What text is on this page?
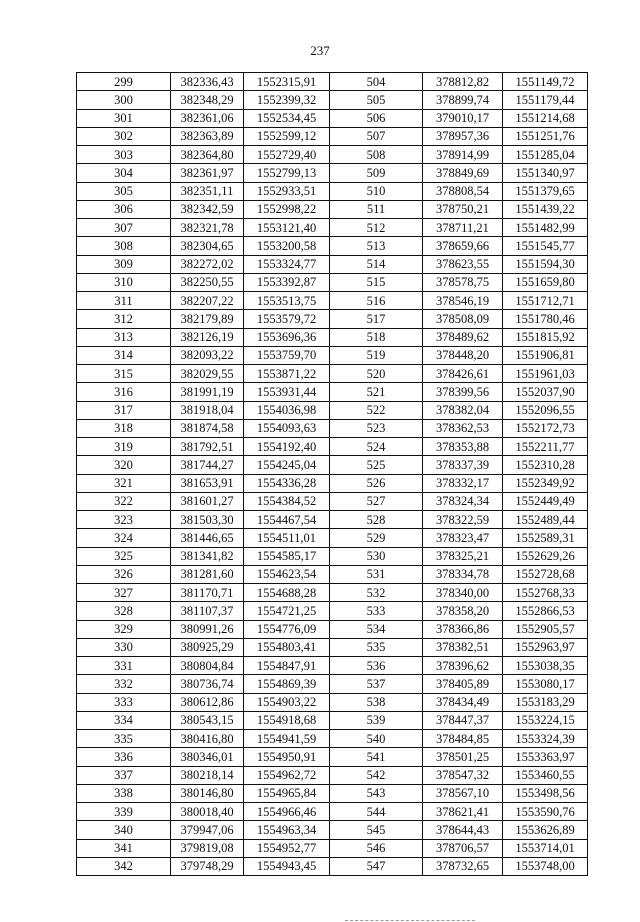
237
299	382336,43	1552315,91	504	378812,82	1551149,72
300	382348,29	1552399,32	505	378899,74	1551179,44
301	382361,06	1552534,45	506	379010,17	1551214,68
302	382363,89	1552599,12	507	378957,36	1551251,76
303	382364,80	1552729,40	508	378914,99	1551285,04
304	382361,97	1552799,13	509	378849,69	1551340,97
305	382351,11	1552933,51	510	378808,54	1551379,65
306	382342,59	1552998,22	511	378750,21	1551439,22
307	382321,78	1553121,40	512	378711,21	1551482,99
308	382304,65	1553200,58	513	378659,66	1551545,77
309	382272,02	1553324,77	514	378623,55	1551594,30
310	382250,55	1553392,87	515	378578,75	1551659,80
311	382207,22	1553513,75	516	378546,19	1551712,71
312	382179,89	1553579,72	517	378508,09	1551780,46
313	382126,19	1553696,36	518	378489,62	1551815,92
314	382093,22	1553759,70	519	378448,20	1551906,81
315	382029,55	1553871,22	520	378426,61	1551961,03
316	381991,19	1553931,44	521	378399,56	1552037,90
317	381918,04	1554036,98	522	378382,04	1552096,55
318	381874,58	1554093,63	523	378362,53	1552172,73
319	381792,51	1554192,40	524	378353,88	1552211,77
320	381744,27	1554245,04	525	378337,39	1552310,28
321	381653,91	1554336,28	526	378332,17	1552349,92
322	381601,27	1554384,52	527	378324,34	1552449,49
323	381503,30	1554467,54	528	378322,59	1552489,44
324	381446,65	1554511,01	529	378323,47	1552589,31
325	381341,82	1554585,17	530	378325,21	1552629,26
326	381281,60	1554623,54	531	378334,78	1552728,68
327	381170,71	1554688,28	532	378340,00	1552768,33
328	381107,37	1554721,25	533	378358,20	1552866,53
329	380991,26	1554776,09	534	378366,86	1552905,57
330	380925,29	1554803,41	535	378382,51	1552963,97
331	380804,84	1554847,91	536	378396,62	1553038,35
332	380736,74	1554869,39	537	378405,89	1553080,17
333	380612,86	1554903,22	538	378434,49	1553183,29
334	380543,15	1554918,68	539	378447,37	1553224,15
335	380416,80	1554941,59	540	378484,85	1553324,39
336	380346,01	1554950,91	541	378501,25	1553363,97
337	380218,14	1554962,72	542	378547,32	1553460,55
338	380146,80	1554965,84	543	378567,10	1553498,56
339	380018,40	1554966,46	544	378621,41	1553590,76
340	379947,06	1554963,34	545	378644,43	1553626,89
341	379819,08	1554952,77	546	378706,57	1553714,01
342	379748,29	1554943,45	547	378732,65	1553748,00
